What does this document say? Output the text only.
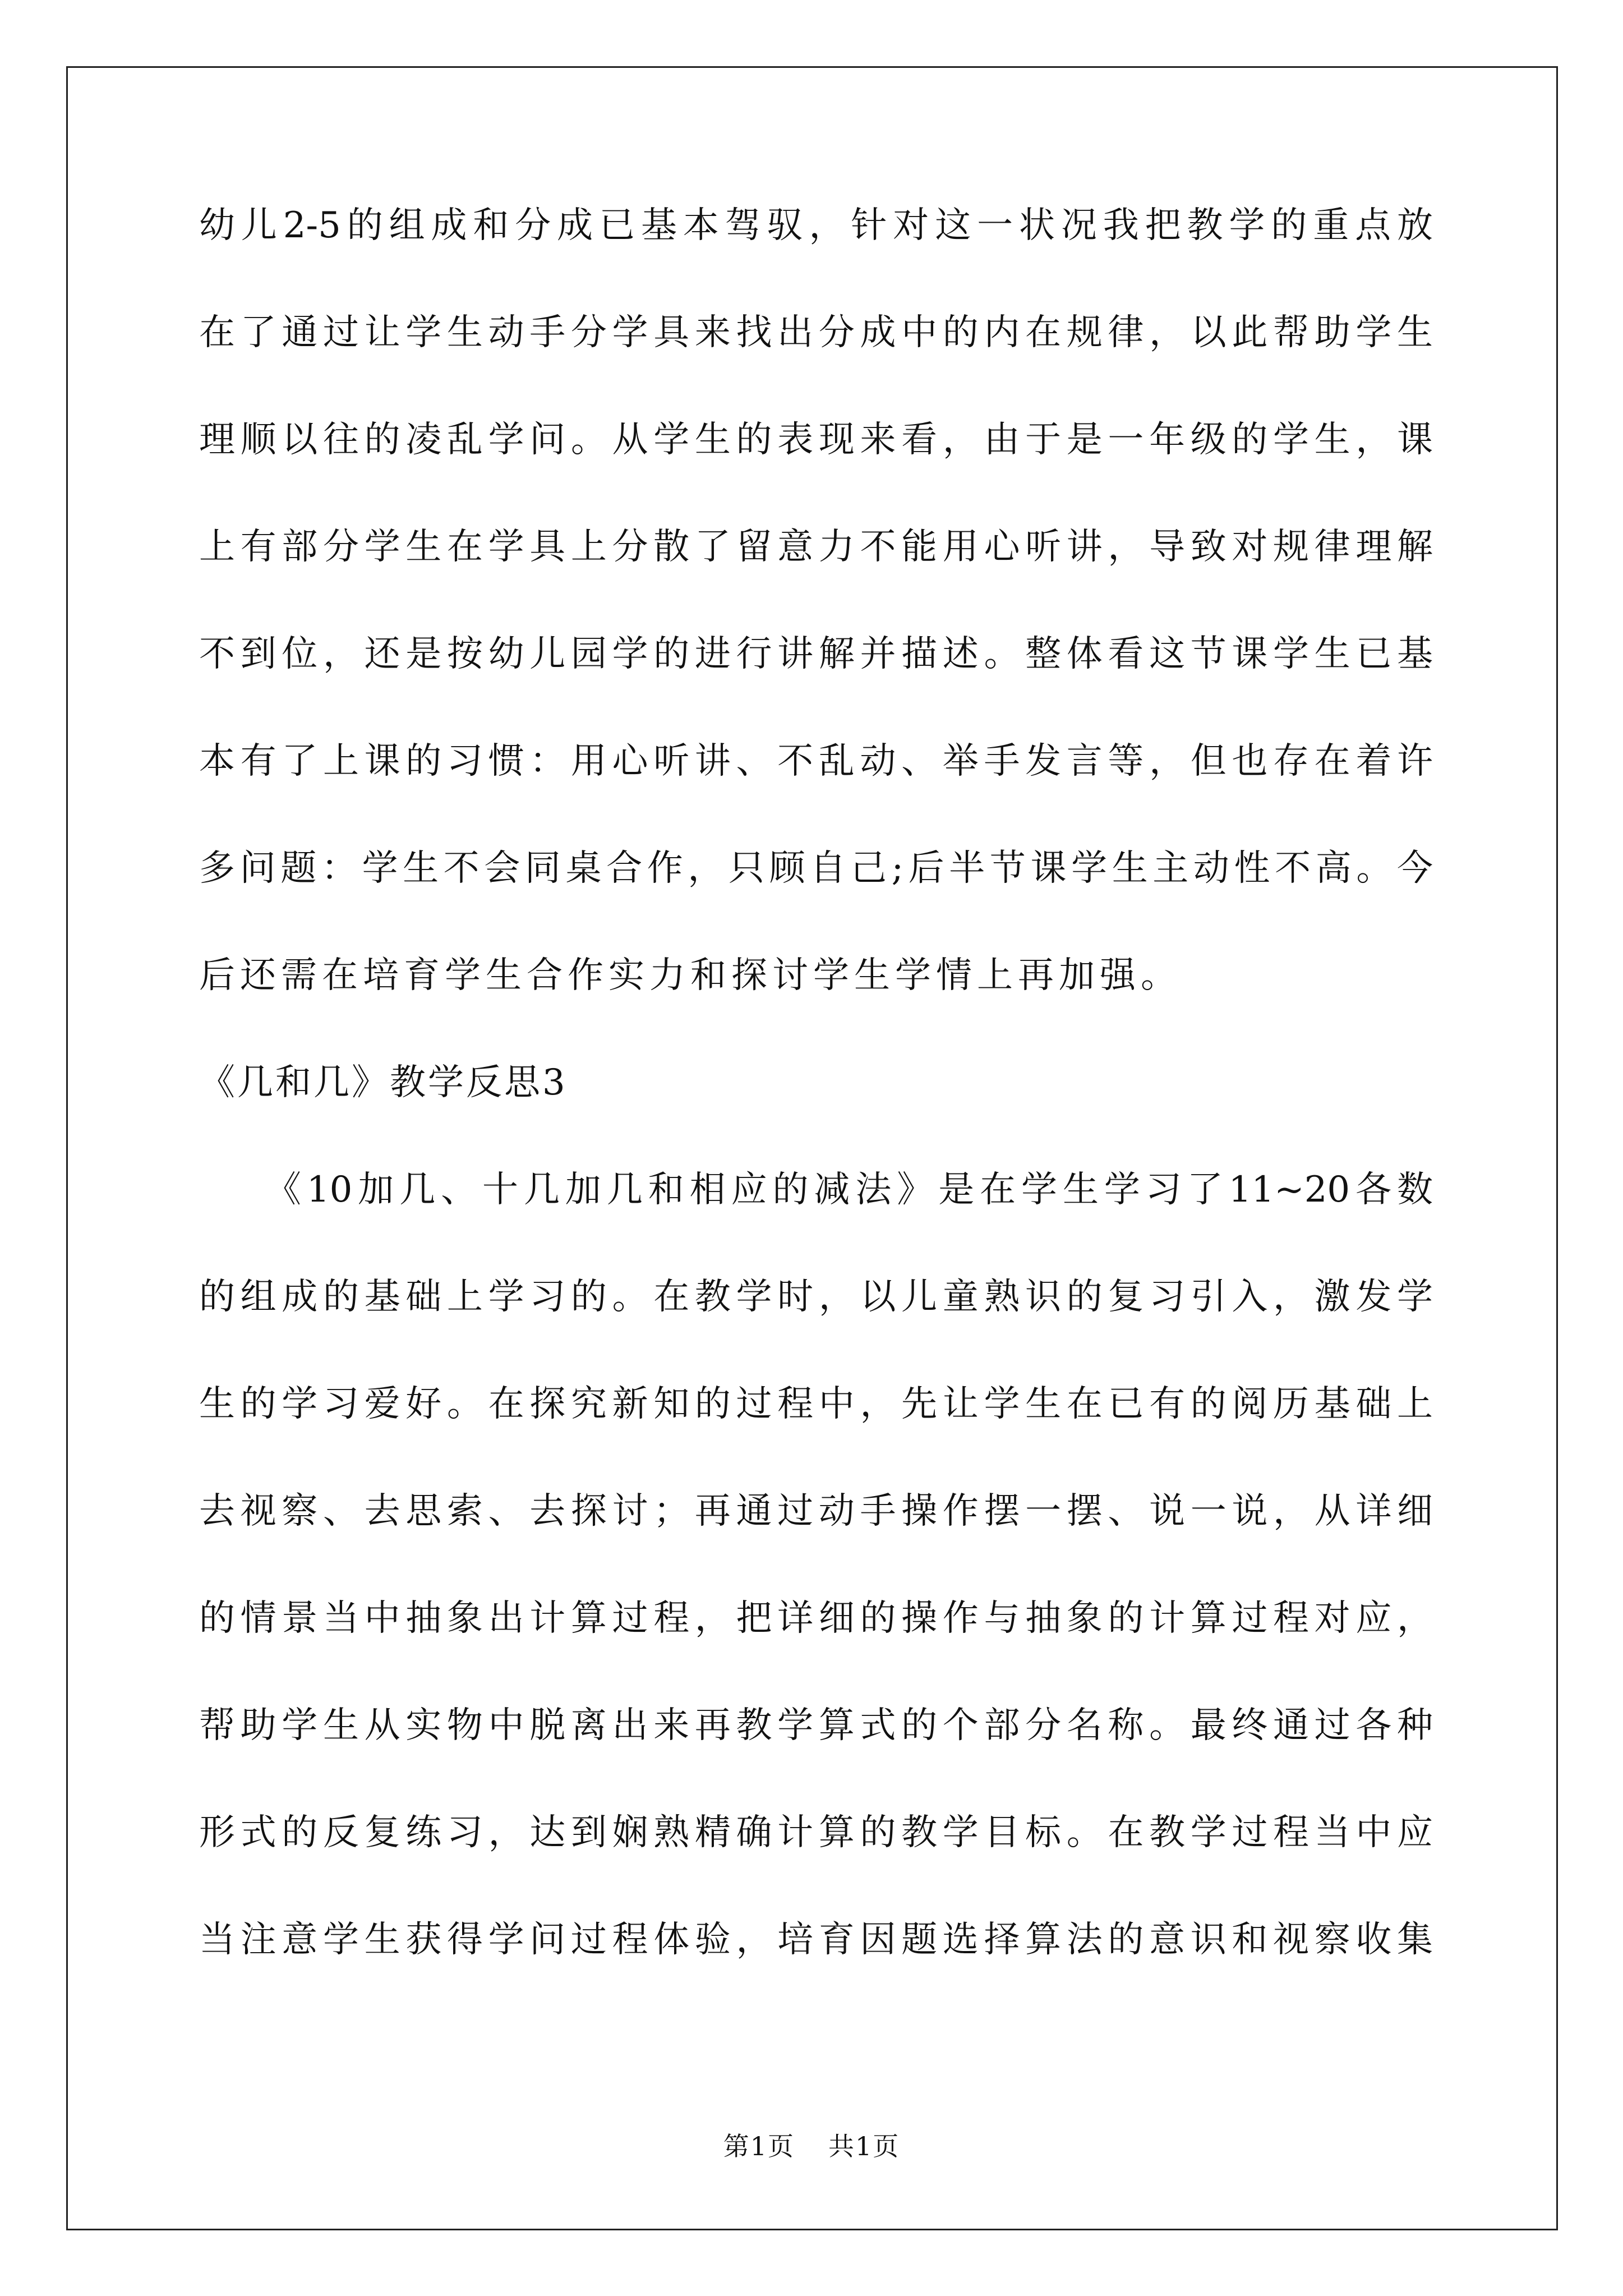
幼儿2-5的组成和分成已基本驾驭，针对这一状况我把教学的重点放
在了通过让学生动手分学具来找出分成中的内在规律，以此帮助学生
理顺以往的凌乱学问。从学生的表现来看，由于是一年级的学生，课
上有部分学生在学具上分散了留意力不能用心听讲，导致对规律理解
不到位，还是按幼儿园学的进行讲解并描述。整体看这节课学生已基
本有了上课的习惯：用心听讲、不乱动、举手发言等，但也存在着许
多问题：学生不会同桌合作，只顾自己;后半节课学生主动性不高。今
后还需在培育学生合作实力和探讨学生学情上再加强。
《几和几》教学反思3
《10加几、十几加几和相应的减法》是在学生学习了11~20各数
的组成的基础上学习的。在教学时，以儿童熟识的复习引入，激发学
生的学习爱好。在探究新知的过程中，先让学生在已有的阅历基础上
去视察、去思索、去探讨；再通过动手操作摆一摆、说一说，从详细
的情景当中抽象出计算过程，把详细的操作与抽象的计算过程对应，
帮助学生从实物中脱离出来再教学算式的个部分名称。最终通过各种
形式的反复练习，达到娴熟精确计算的教学目标。在教学过程当中应
当注意学生获得学问过程体验，培育因题选择算法的意识和视察收集
第1页 共1页
